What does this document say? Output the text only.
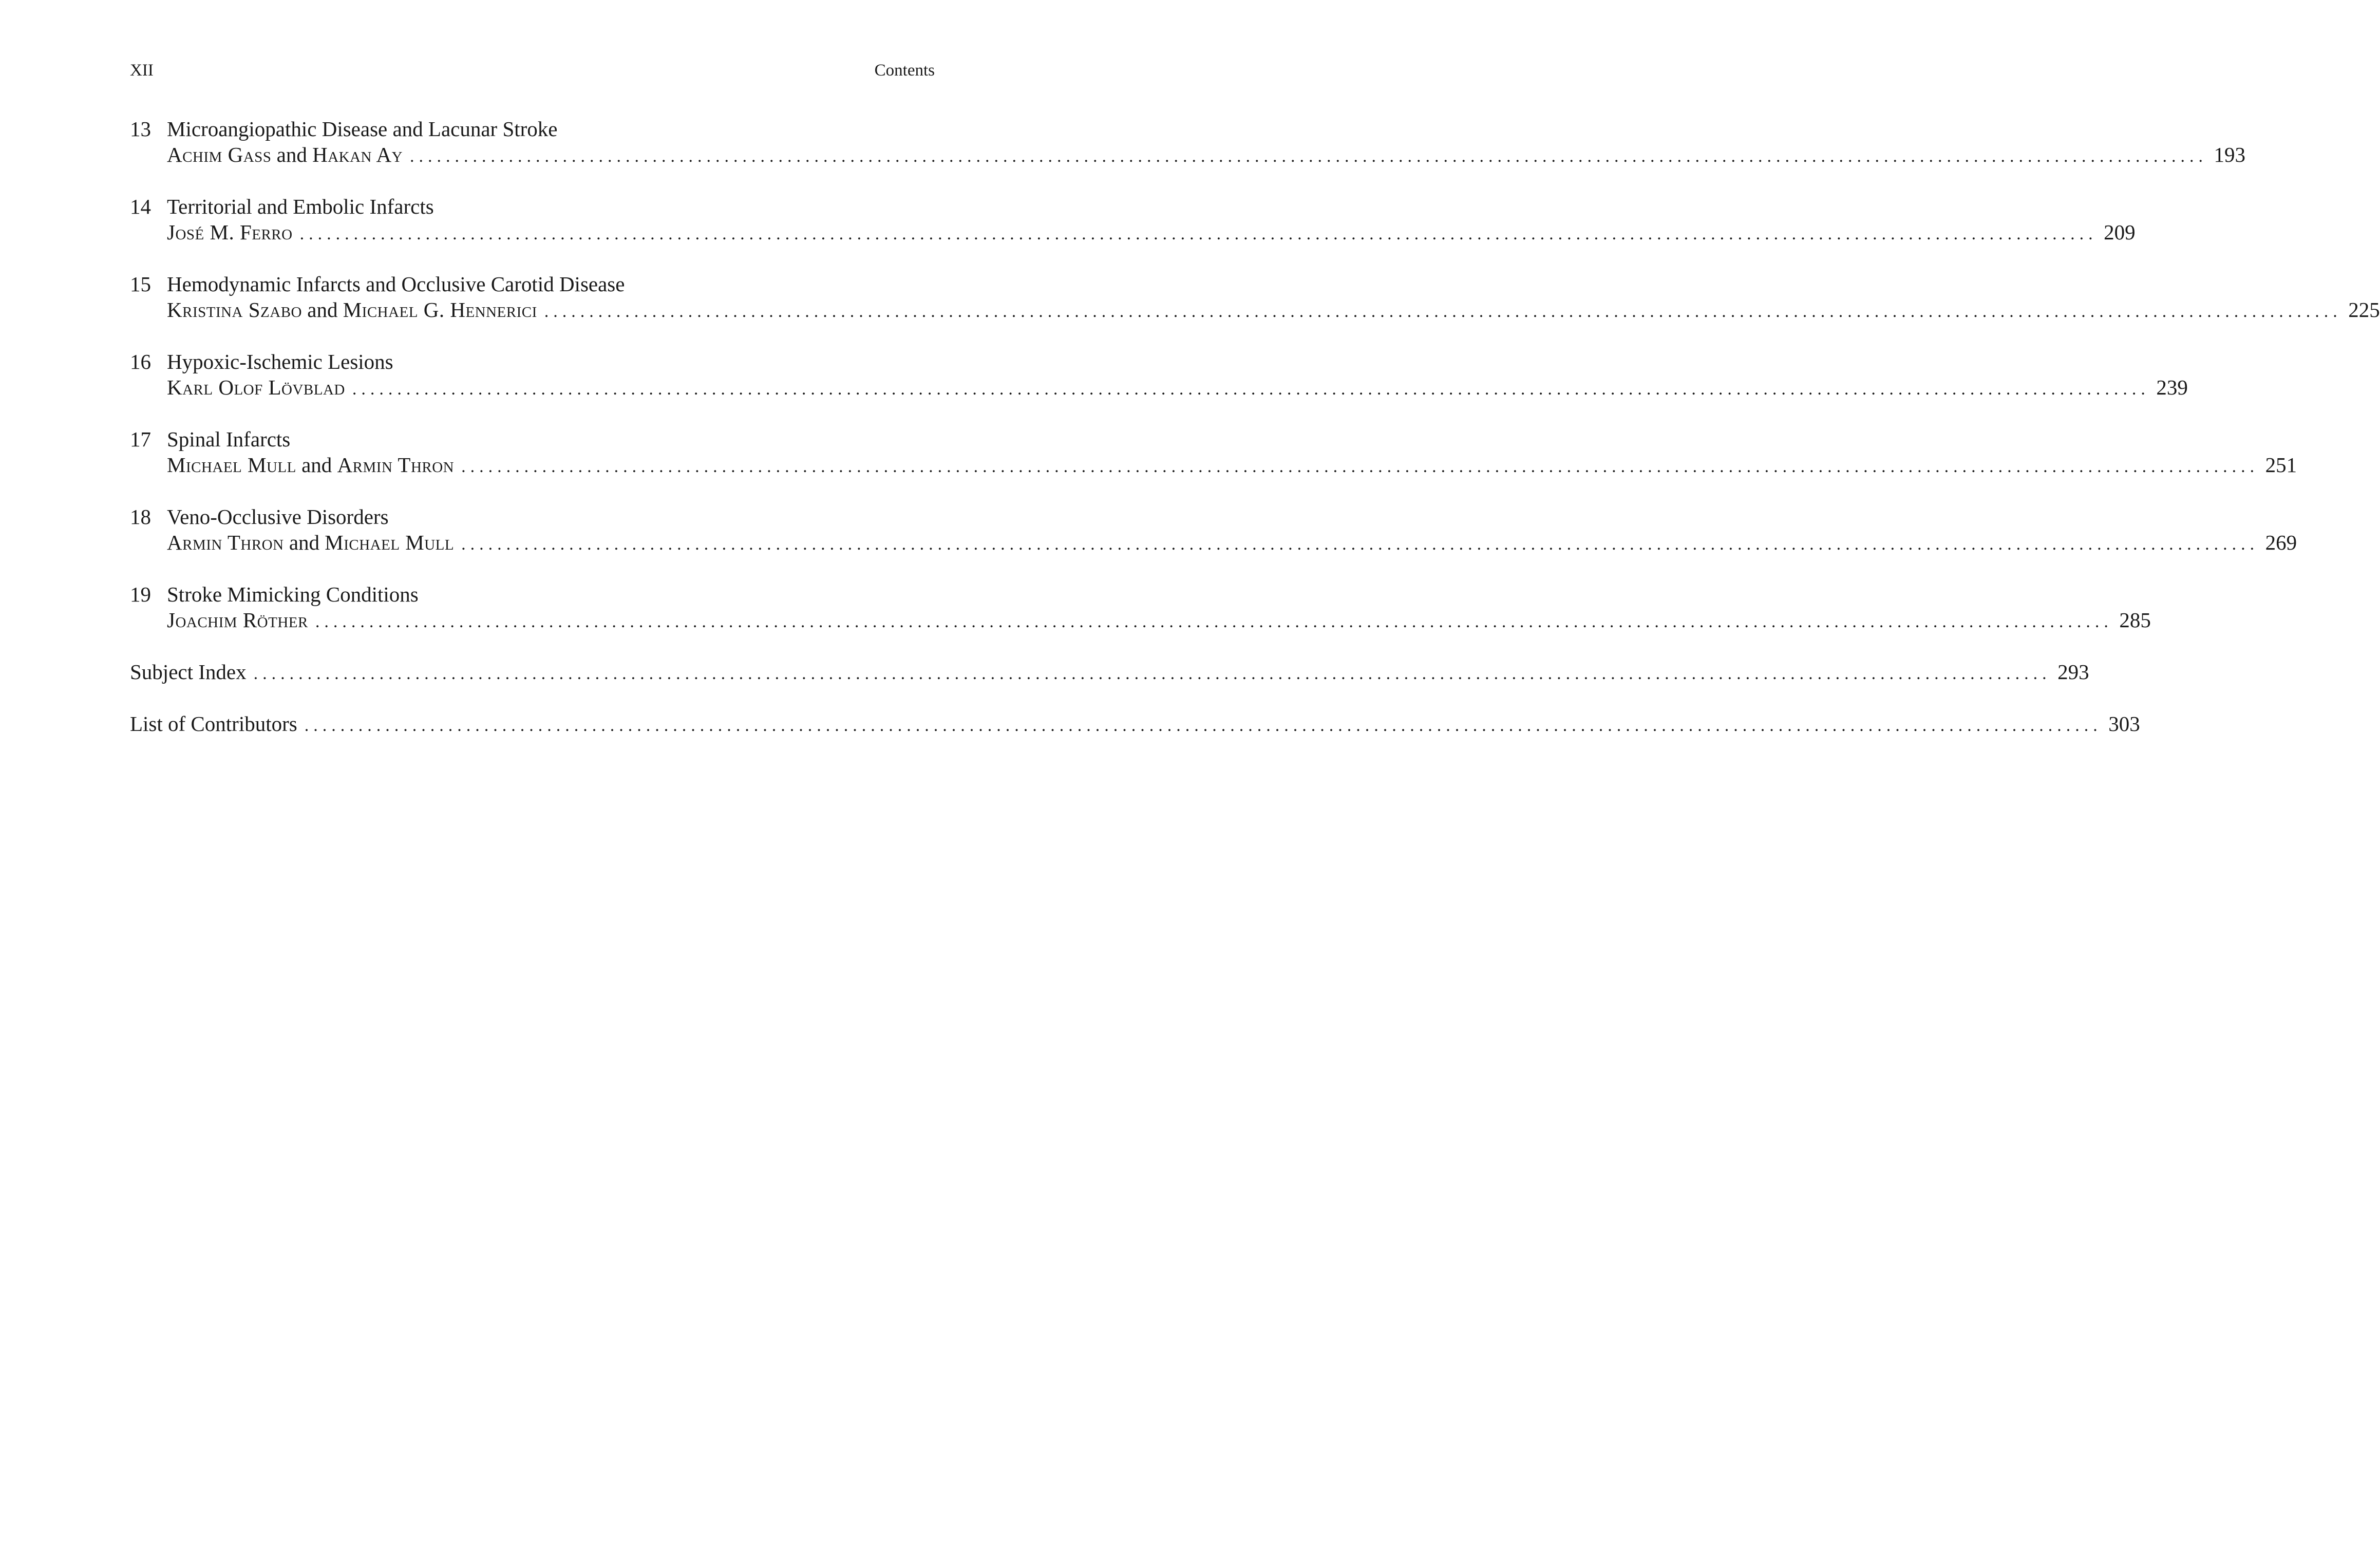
XII	Contents
13 Microangiopathic Disease and Lacunar Stroke
Achim Gass and Hakan Ay ........................................................................................................................................................................................................ 193
14 Territorial and Embolic Infarcts
José M. Ferro ........................................................................................................................................................................................................ 209
15 Hemodynamic Infarcts and Occlusive Carotid Disease
Kristina Szabo and Michael G. Hennerici ........................................................................................................................................................................................................ 225
16 Hypoxic-Ischemic Lesions
Karl Olof Lövblad ........................................................................................................................................................................................................ 239
17 Spinal Infarcts
Michael Mull and Armin Thron ........................................................................................................................................................................................................ 251
18 Veno-Occlusive Disorders
Armin Thron and Michael Mull ........................................................................................................................................................................................................ 269
19 Stroke Mimicking Conditions
Joachim Röther ........................................................................................................................................................................................................ 285
Subject Index ........................................................................................................................................................................................................ 293
List of Contributors ........................................................................................................................................................................................................ 303
